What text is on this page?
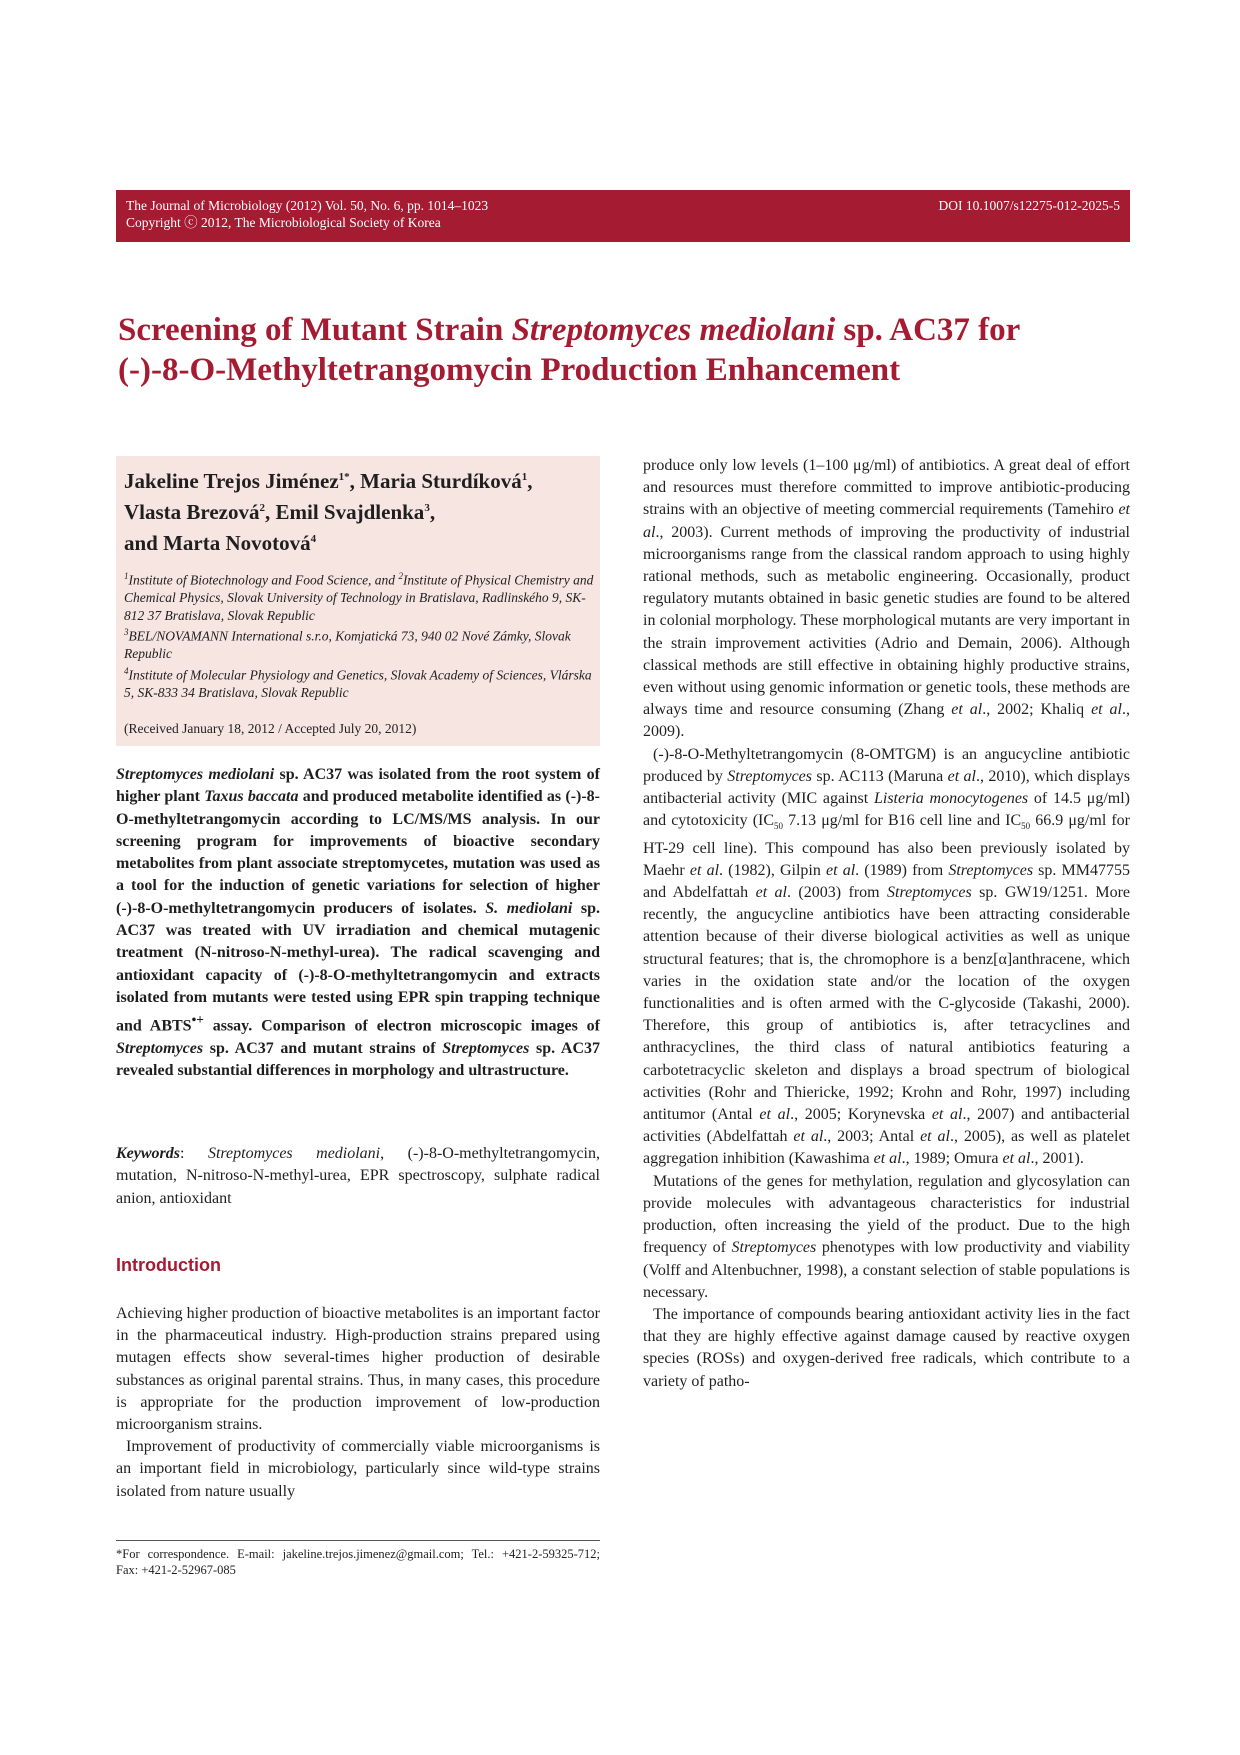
The Journal of Microbiology (2012) Vol. 50, No. 6, pp. 1014–1023
Copyright ⓒ 2012, The Microbiological Society of Korea
DOI 10.1007/s12275-012-2025-5
Screening of Mutant Strain Streptomyces mediolani sp. AC37 for
(-)-8-O-Methyltetrangomycin Production Enhancement
Jakeline Trejos Jiménez$^{1*}$, Maria Sturdíková$^1$,
Vlasta Brezová$^2$, Emil Svajdlenka$^3$,
and Marta Novotová$^4$
$^1$Institute of Biotechnology and Food Science, and $^2$Institute of Physical Chemistry and Chemical Physics, Slovak University of Technology in Bratislava, Radlinského 9, SK-812 37 Bratislava, Slovak Republic
$^3$BEL/NOVAMANN International s.r.o, Komjatická 73, 940 02 Nové Zámky, Slovak Republic
$^4$Institute of Molecular Physiology and Genetics, Slovak Academy of Sciences, Vlárska 5, SK-833 34 Bratislava, Slovak Republic
(Received January 18, 2012 / Accepted July 20, 2012)

Streptomyces mediolani sp. AC37 was isolated from the root system of higher plant Taxus baccata and produced metabolite identified as (-)-8-O-methyltetrangomycin according to LC/MS/MS analysis. In our screening program for improvements of bioactive secondary metabolites from plant associate streptomycetes, mutation was used as a tool for the induction of genetic variations for selection of higher (-)-8-O-methyltetrangomycin producers of isolates. S. mediolani sp. AC37 was treated with UV irradiation and chemical mutagenic treatment (N-nitroso-N-methyl-urea). The radical scavenging and antioxidant capacity of (-)-8-O-methyltetrangomycin and extracts isolated from mutants were tested using EPR spin trapping technique and ABTS•+ assay. Comparison of electron microscopic images of Streptomyces sp. AC37 and mutant strains of Streptomyces sp. AC37 revealed substantial differences in morphology and ultrastructure.

Keywords: Streptomyces mediolani, (-)-8-O-methyltetrangomycin, mutation, N-nitroso-N-methyl-urea, EPR spectroscopy, sulphate radical anion, antioxidant

Introduction

Achieving higher production of bioactive metabolites is an important factor in the pharmaceutical industry. High-production strains prepared using mutagen effects show several-times higher production of desirable substances as original parental strains. Thus, in many cases, this procedure is appropriate for the production improvement of low-production microorganism strains.

Improvement of productivity of commercially viable microorganisms is an important field in microbiology, particularly since wild-type strains isolated from nature usually

*For correspondence. E-mail: jakeline.trejos.jimenez@gmail.com; Tel.: +421-2-59325-712; Fax: +421-2-52967-085

produce only low levels (1–100 μg/ml) of antibiotics. A great deal of effort and resources must therefore committed to improve antibiotic-producing strains with an objective of meeting commercial requirements (Tamehiro et al., 2003). Current methods of improving the productivity of industrial microorganisms range from the classical random approach to using highly rational methods, such as metabolic engineering. Occasionally, product regulatory mutants obtained in basic genetic studies are found to be altered in colonial morphology. These morphological mutants are very important in the strain improvement activities (Adrio and Demain, 2006). Although classical methods are still effective in obtaining highly productive strains, even without using genomic information or genetic tools, these methods are always time and resource consuming (Zhang et al., 2002; Khaliq et al., 2009).

(-)-8-O-Methyltetrangomycin (8-OMTGM) is an angucycline antibiotic produced by Streptomyces sp. AC113 (Maruna et al., 2010), which displays antibacterial activity (MIC against Listeria monocytogenes of 14.5 μg/ml) and cytotoxicity ($IC_{50}$ 7.13 μg/ml for B16 cell line and $IC_{50}$ 66.9 μg/ml for HT-29 cell line). This compound has also been previously isolated by Maehr et al. (1982), Gilpin et al. (1989) from Streptomyces sp. MM47755 and Abdelfattah et al. (2003) from Streptomyces sp. GW19/1251. More recently, the angucycline antibiotics have been attracting considerable attention because of their diverse biological activities as well as unique structural features; that is, the chromophore is a benz[α]anthracene, which varies in the oxidation state and/or the location of the oxygen functionalities and is often armed with the C-glycoside (Takashi, 2000). Therefore, this group of antibiotics is, after tetracyclines and anthracyclines, the third class of natural antibiotics featuring a carbotetracyclic skeleton and displays a broad spectrum of biological activities (Rohr and Thiericke, 1992; Krohn and Rohr, 1997) including antitumor (Antal et al., 2005; Korynevska et al., 2007) and antibacterial activities (Abdelfattah et al., 2003; Antal et al., 2005), as well as platelet aggregation inhibition (Kawashima et al., 1989; Omura et al., 2001).

Mutations of the genes for methylation, regulation and glycosylation can provide molecules with advantageous characteristics for industrial production, often increasing the yield of the product. Due to the high frequency of Streptomyces phenotypes with low productivity and viability (Volff and Altenbuchner, 1998), a constant selection of stable populations is necessary.

The importance of compounds bearing antioxidant activity lies in the fact that they are highly effective against damage caused by reactive oxygen species (ROSs) and oxygen-derived free radicals, which contribute to a variety of patho-
